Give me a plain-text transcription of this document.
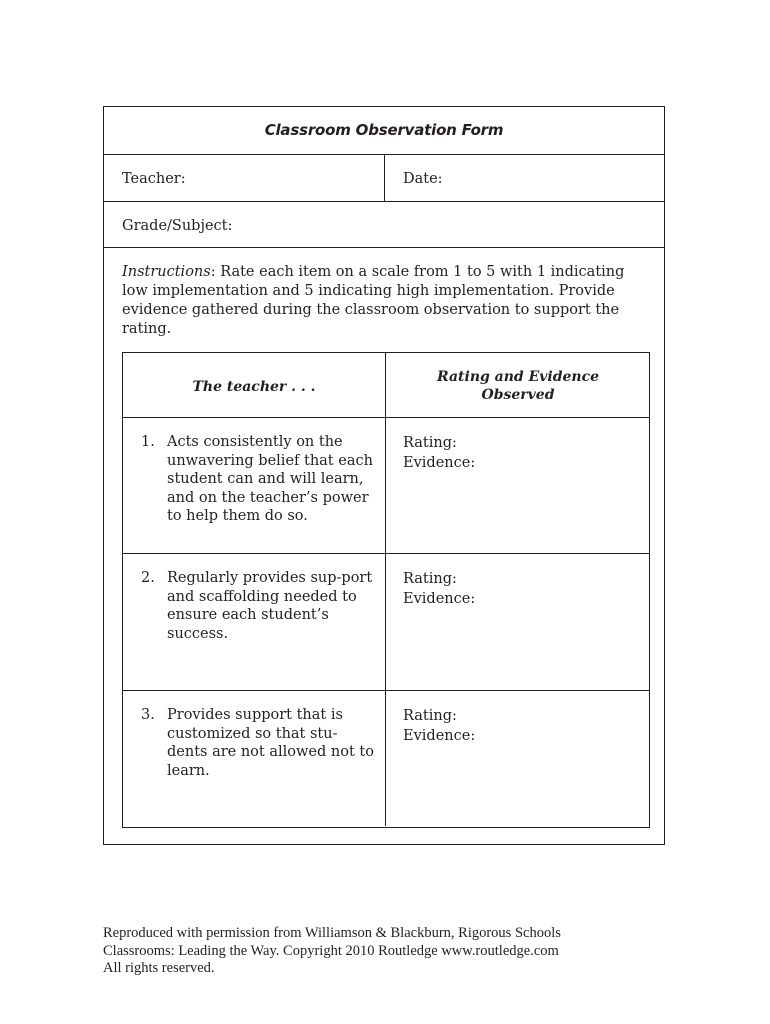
Classroom Observation Form
Teacher:	Date:
Grade/Subject:
Instructions: Rate each item on a scale from 1 to 5 with 1 indicating low implementation and 5 indicating high implementation. Provide evidence gathered during the classroom observation to support the rating.
The teacher . . .
Rating and Evidence Observed
1. Acts consistently on the unwavering belief that each student can and will learn, and on the teacher’s power to help them do so.
Rating:
Evidence:
2. Regularly provides sup-port and scaffolding needed to ensure each student’s success.
Rating:
Evidence:
3. Provides support that is customized so that stu-dents are not allowed not to learn.
Rating:
Evidence:
Reproduced with permission from Williamson & Blackburn, Rigorous Schools
Classrooms: Leading the Way. Copyright 2010 Routledge www.routledge.com
All rights reserved.
